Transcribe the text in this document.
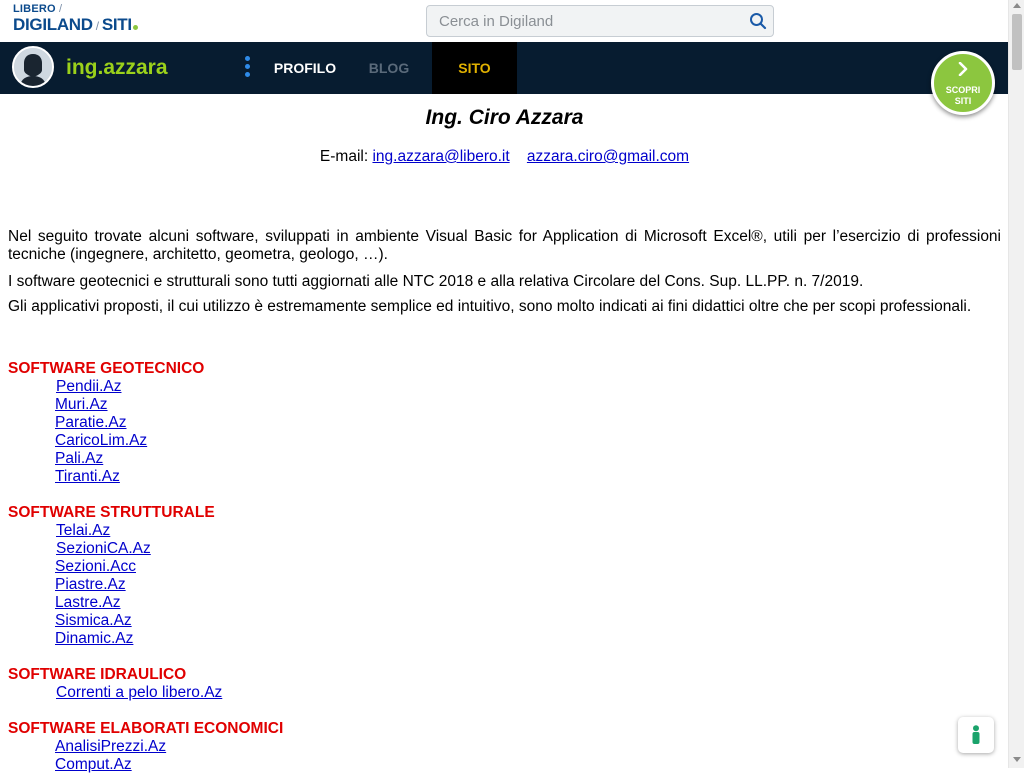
LIBERO /
DIGILAND / SITI
Cerca in Digiland
ing.azzara	PROFILO	BLOG	SITO
SCOPRI
SITI
Ing. Ciro Azzara
E-mail: ing.azzara@libero.it azzara.ciro@gmail.com

Nel seguito trovate alcuni software, sviluppati in ambiente Visual Basic for Application di Microsoft Excel®, utili per l’esercizio di professioni tecniche (ingegnere, architetto, geometra, geologo, …).

I software geotecnici e strutturali sono tutti aggiornati alle NTC 2018 e alla relativa Circolare del Cons. Sup. LL.PP. n. 7/2019.

Gli applicativi proposti, il cui utilizzo è estremamente semplice ed intuitivo, sono molto indicati ai fini didattici oltre che per scopi professionali.

SOFTWARE GEOTECNICO
Pendii.Az
Muri.Az
Paratie.Az
CaricoLim.Az
Pali.Az
Tiranti.Az
SOFTWARE STRUTTURALE
Telai.Az
SezioniCA.Az
Sezioni.Acc
Piastre.Az
Lastre.Az
Sismica.Az
Dinamic.Az
SOFTWARE IDRAULICO
Correnti a pelo libero.Az
SOFTWARE ELABORATI ECONOMICI
AnalisiPrezzi.Az
Comput.Az
